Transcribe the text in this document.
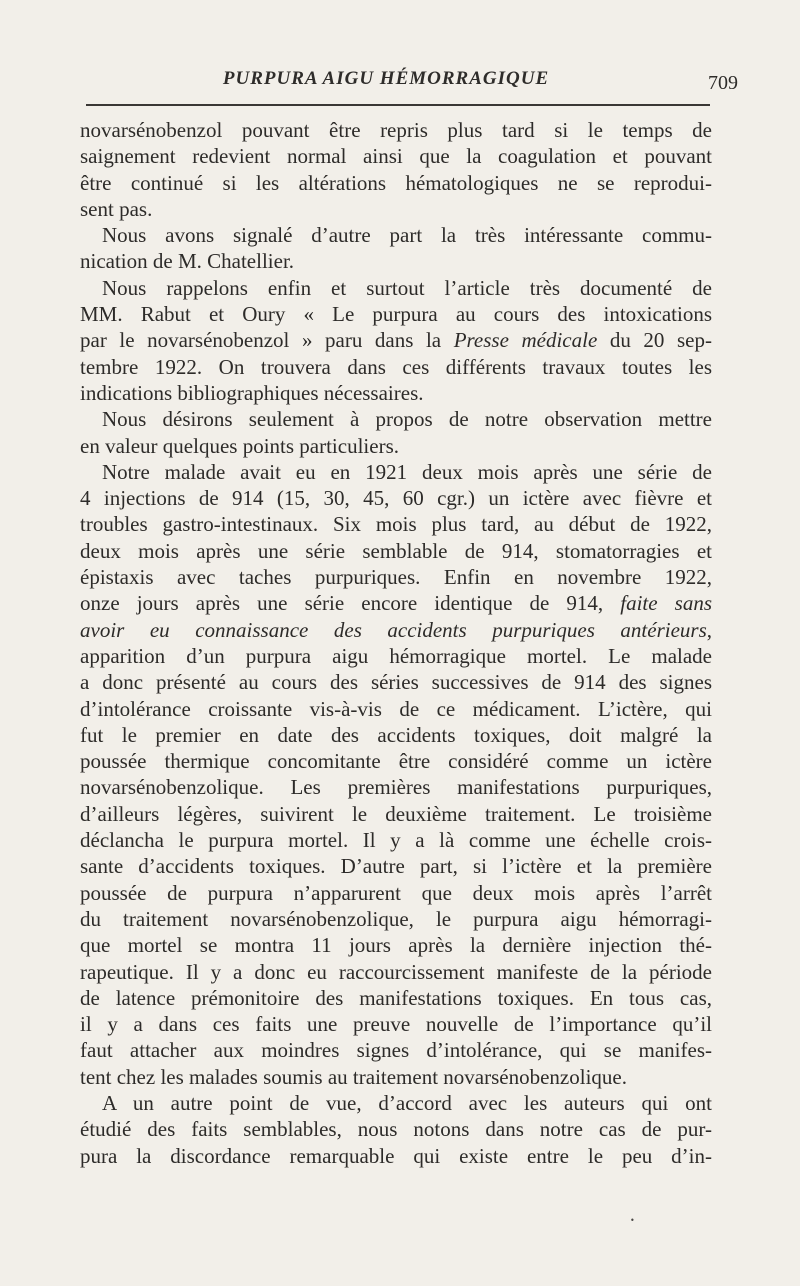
PURPURA AIGU HÉMORRAGIQUE	709
novarsénobenzol pouvant être repris plus tard si le temps de
saignement redevient normal ainsi que la coagulation et pouvant
être continué si les altérations hématologiques ne se reprodui-
sent pas.
Nous avons signalé d’autre part la très intéressante commu-
nication de M. Chatellier.
Nous rappelons enfin et surtout l’article très documenté de
MM. Rabut et Oury « Le purpura au cours des intoxications
par le novarsénobenzol » paru dans la Presse médicale du 20 sep-
tembre 1922. On trouvera dans ces différents travaux toutes les
indications bibliographiques nécessaires.
Nous désirons seulement à propos de notre observation mettre
en valeur quelques points particuliers.
Notre malade avait eu en 1921 deux mois après une série de
4 injections de 914 (15, 30, 45, 60 cgr.) un ictère avec fièvre et
troubles gastro-intestinaux. Six mois plus tard, au début de 1922,
deux mois après une série semblable de 914, stomatorragies et
épistaxis avec taches purpuriques. Enfin en novembre 1922,
onze jours après une série encore identique de 914, faite sans
avoir eu connaissance des accidents purpuriques antérieurs,
apparition d’un purpura aigu hémorragique mortel. Le malade
a donc présenté au cours des séries successives de 914 des signes
d’intolérance croissante vis-à-vis de ce médicament. L’ictère, qui
fut le premier en date des accidents toxiques, doit malgré la
poussée thermique concomitante être considéré comme un ictère
novarsénobenzolique. Les premières manifestations purpuriques,
d’ailleurs légères, suivirent le deuxième traitement. Le troisième
déclancha le purpura mortel. Il y a là comme une échelle crois-
sante d’accidents toxiques. D’autre part, si l’ictère et la première
poussée de purpura n’apparurent que deux mois après l’arrêt
du traitement novarsénobenzolique, le purpura aigu hémorragi-
que mortel se montra 11 jours après la dernière injection thé-
rapeutique. Il y a donc eu raccourcissement manifeste de la période
de latence prémonitoire des manifestations toxiques. En tous cas,
il y a dans ces faits une preuve nouvelle de l’importance qu’il
faut attacher aux moindres signes d’intolérance, qui se manifes-
tent chez les malades soumis au traitement novarsénobenzolique.
A un autre point de vue, d’accord avec les auteurs qui ont
étudié des faits semblables, nous notons dans notre cas de pur-
pura la discordance remarquable qui existe entre le peu d’in-
•
